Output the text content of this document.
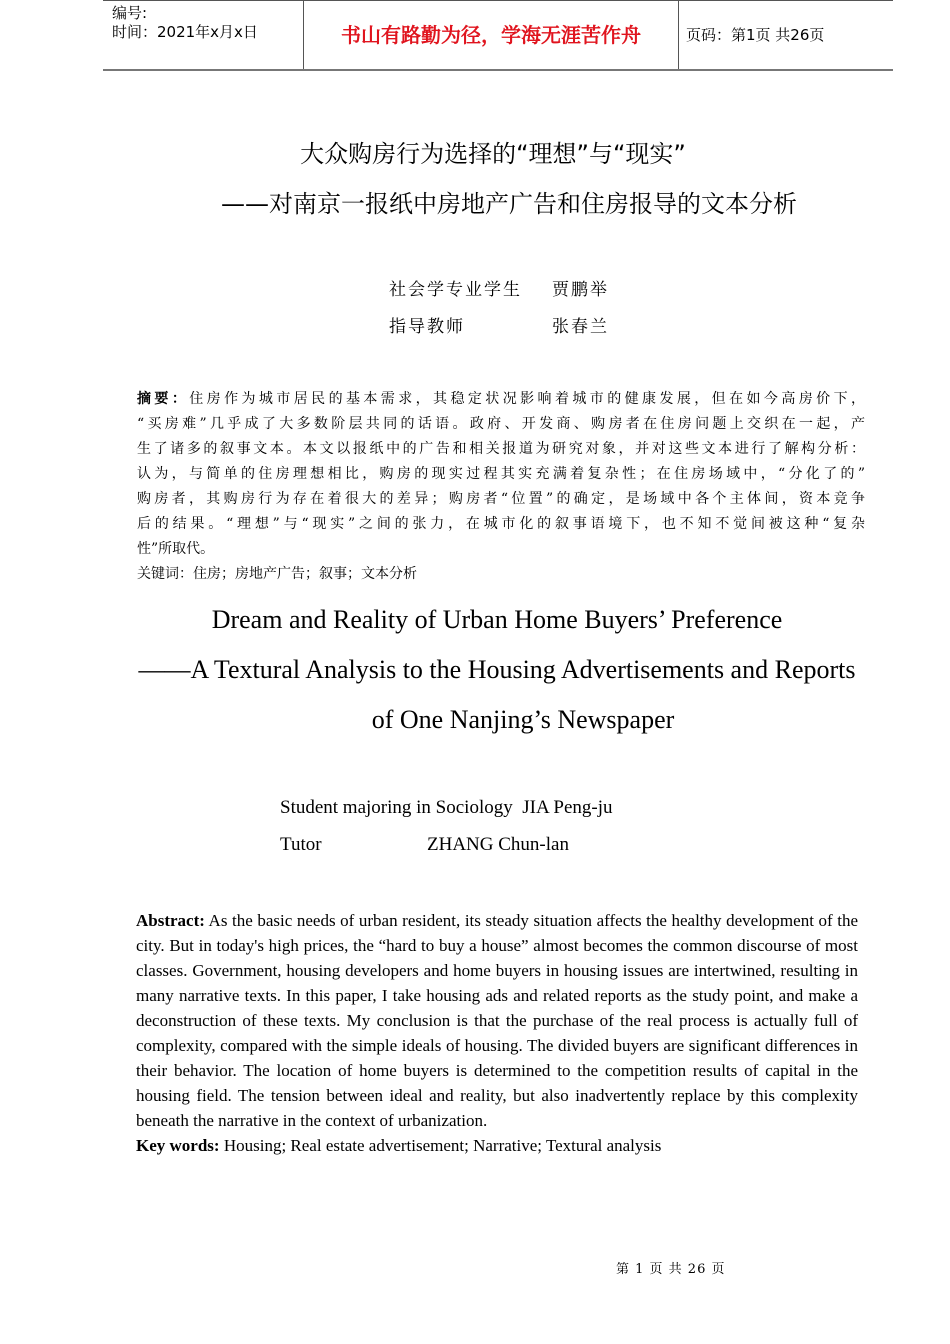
编号:
时间：2021年x月x日	书山有路勤为径，学海无涯苦作舟	页码：第1页 共26页
大众购房行为选择的“理想”与“现实”
——对南京一报纸中房地产广告和住房报导的文本分析
社会学专业学生 贾鹏举
指导教师	张春兰
摘要：住房作为城市居民的基本需求，其稳定状况影响着城市的健康发展，但在如今高房价下，
“买房难”几乎成了大多数阶层共同的话语。政府、开发商、购房者在住房问题上交织在一起，产
生了诸多的叙事文本。本文以报纸中的广告和相关报道为研究对象，并对这些文本进行了解构分析：
认为，与简单的住房理想相比，购房的现实过程其实充满着复杂性；在住房场域中，“分化了的”
购房者，其购房行为存在着很大的差异；购房者“位置”的确定，是场域中各个主体间，资本竞争
后的结果。“理想”与“现实”之间的张力，在城市化的叙事语境下，也不知不觉间被这种“复杂
性”所取代。
关键词：住房；房地产广告；叙事；文本分析
Dream and Reality of Urban Home Buyers’ Preference
——A Textural Analysis to the Housing Advertisements and Reports
of One Nanjing’s Newspaper
Student majoring in Sociology JIA Peng-ju
Tutor	ZHANG Chun-lan
Abstract: As the basic needs of urban resident, its steady situation affects the healthy development of the
city. But in today's high prices, the “hard to buy a house” almost becomes the common discourse of most
classes. Government, housing developers and home buyers in housing issues are intertwined, resulting in
many narrative texts. In this paper, I take housing ads and related reports as the study point, and make a
deconstruction of these texts. My conclusion is that the purchase of the real process is actually full of
complexity, compared with the simple ideals of housing. The divided buyers are significant differences in
their behavior. The location of home buyers is determined to the competition results of capital in the
housing field. The tension between ideal and reality, but also inadvertently replace by this complexity
beneath the narrative in the context of urbanization.
Key words: Housing; Real estate advertisement; Narrative; Textural analysis
第 1 页 共 26 页
